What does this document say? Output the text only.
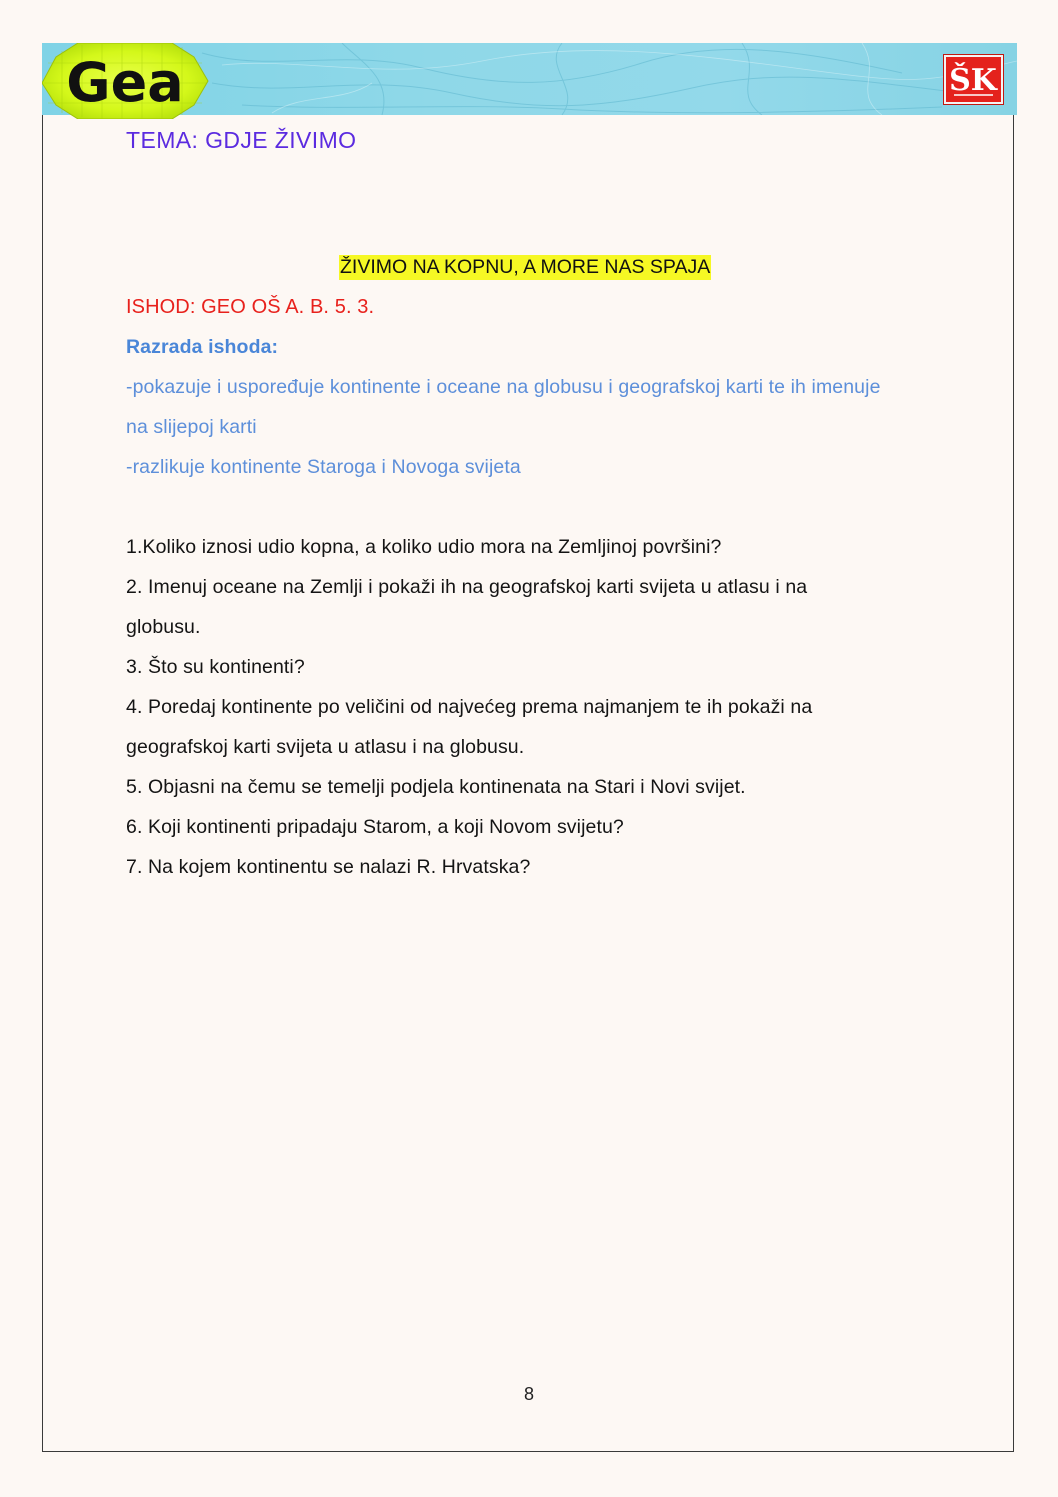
Gea	ŠK
TEMA: GDJE ŽIVIMO
ŽIVIMO NA KOPNU, A MORE NAS SPAJA
ISHOD: GEO OŠ A. B. 5. 3.
Razrada ishoda:
-pokazuje i uspoređuje kontinente i oceane na globusu i geografskoj karti te ih imenuje
na slijepoj karti
-razlikuje kontinente Staroga i Novoga svijeta
1.Koliko iznosi udio kopna, a koliko udio mora na Zemljinoj površini?
2. Imenuj oceane na Zemlji i pokaži ih na geografskoj karti svijeta u atlasu i na
globusu.
3. Što su kontinenti?
4. Poredaj kontinente po veličini od najvećeg prema najmanjem te ih pokaži na
geografskoj karti svijeta u atlasu i na globusu.
5. Objasni na čemu se temelji podjela kontinenata na Stari i Novi svijet.
6. Koji kontinenti pripadaju Starom, a koji Novom svijetu?
7. Na kojem kontinentu se nalazi R. Hrvatska?
8
